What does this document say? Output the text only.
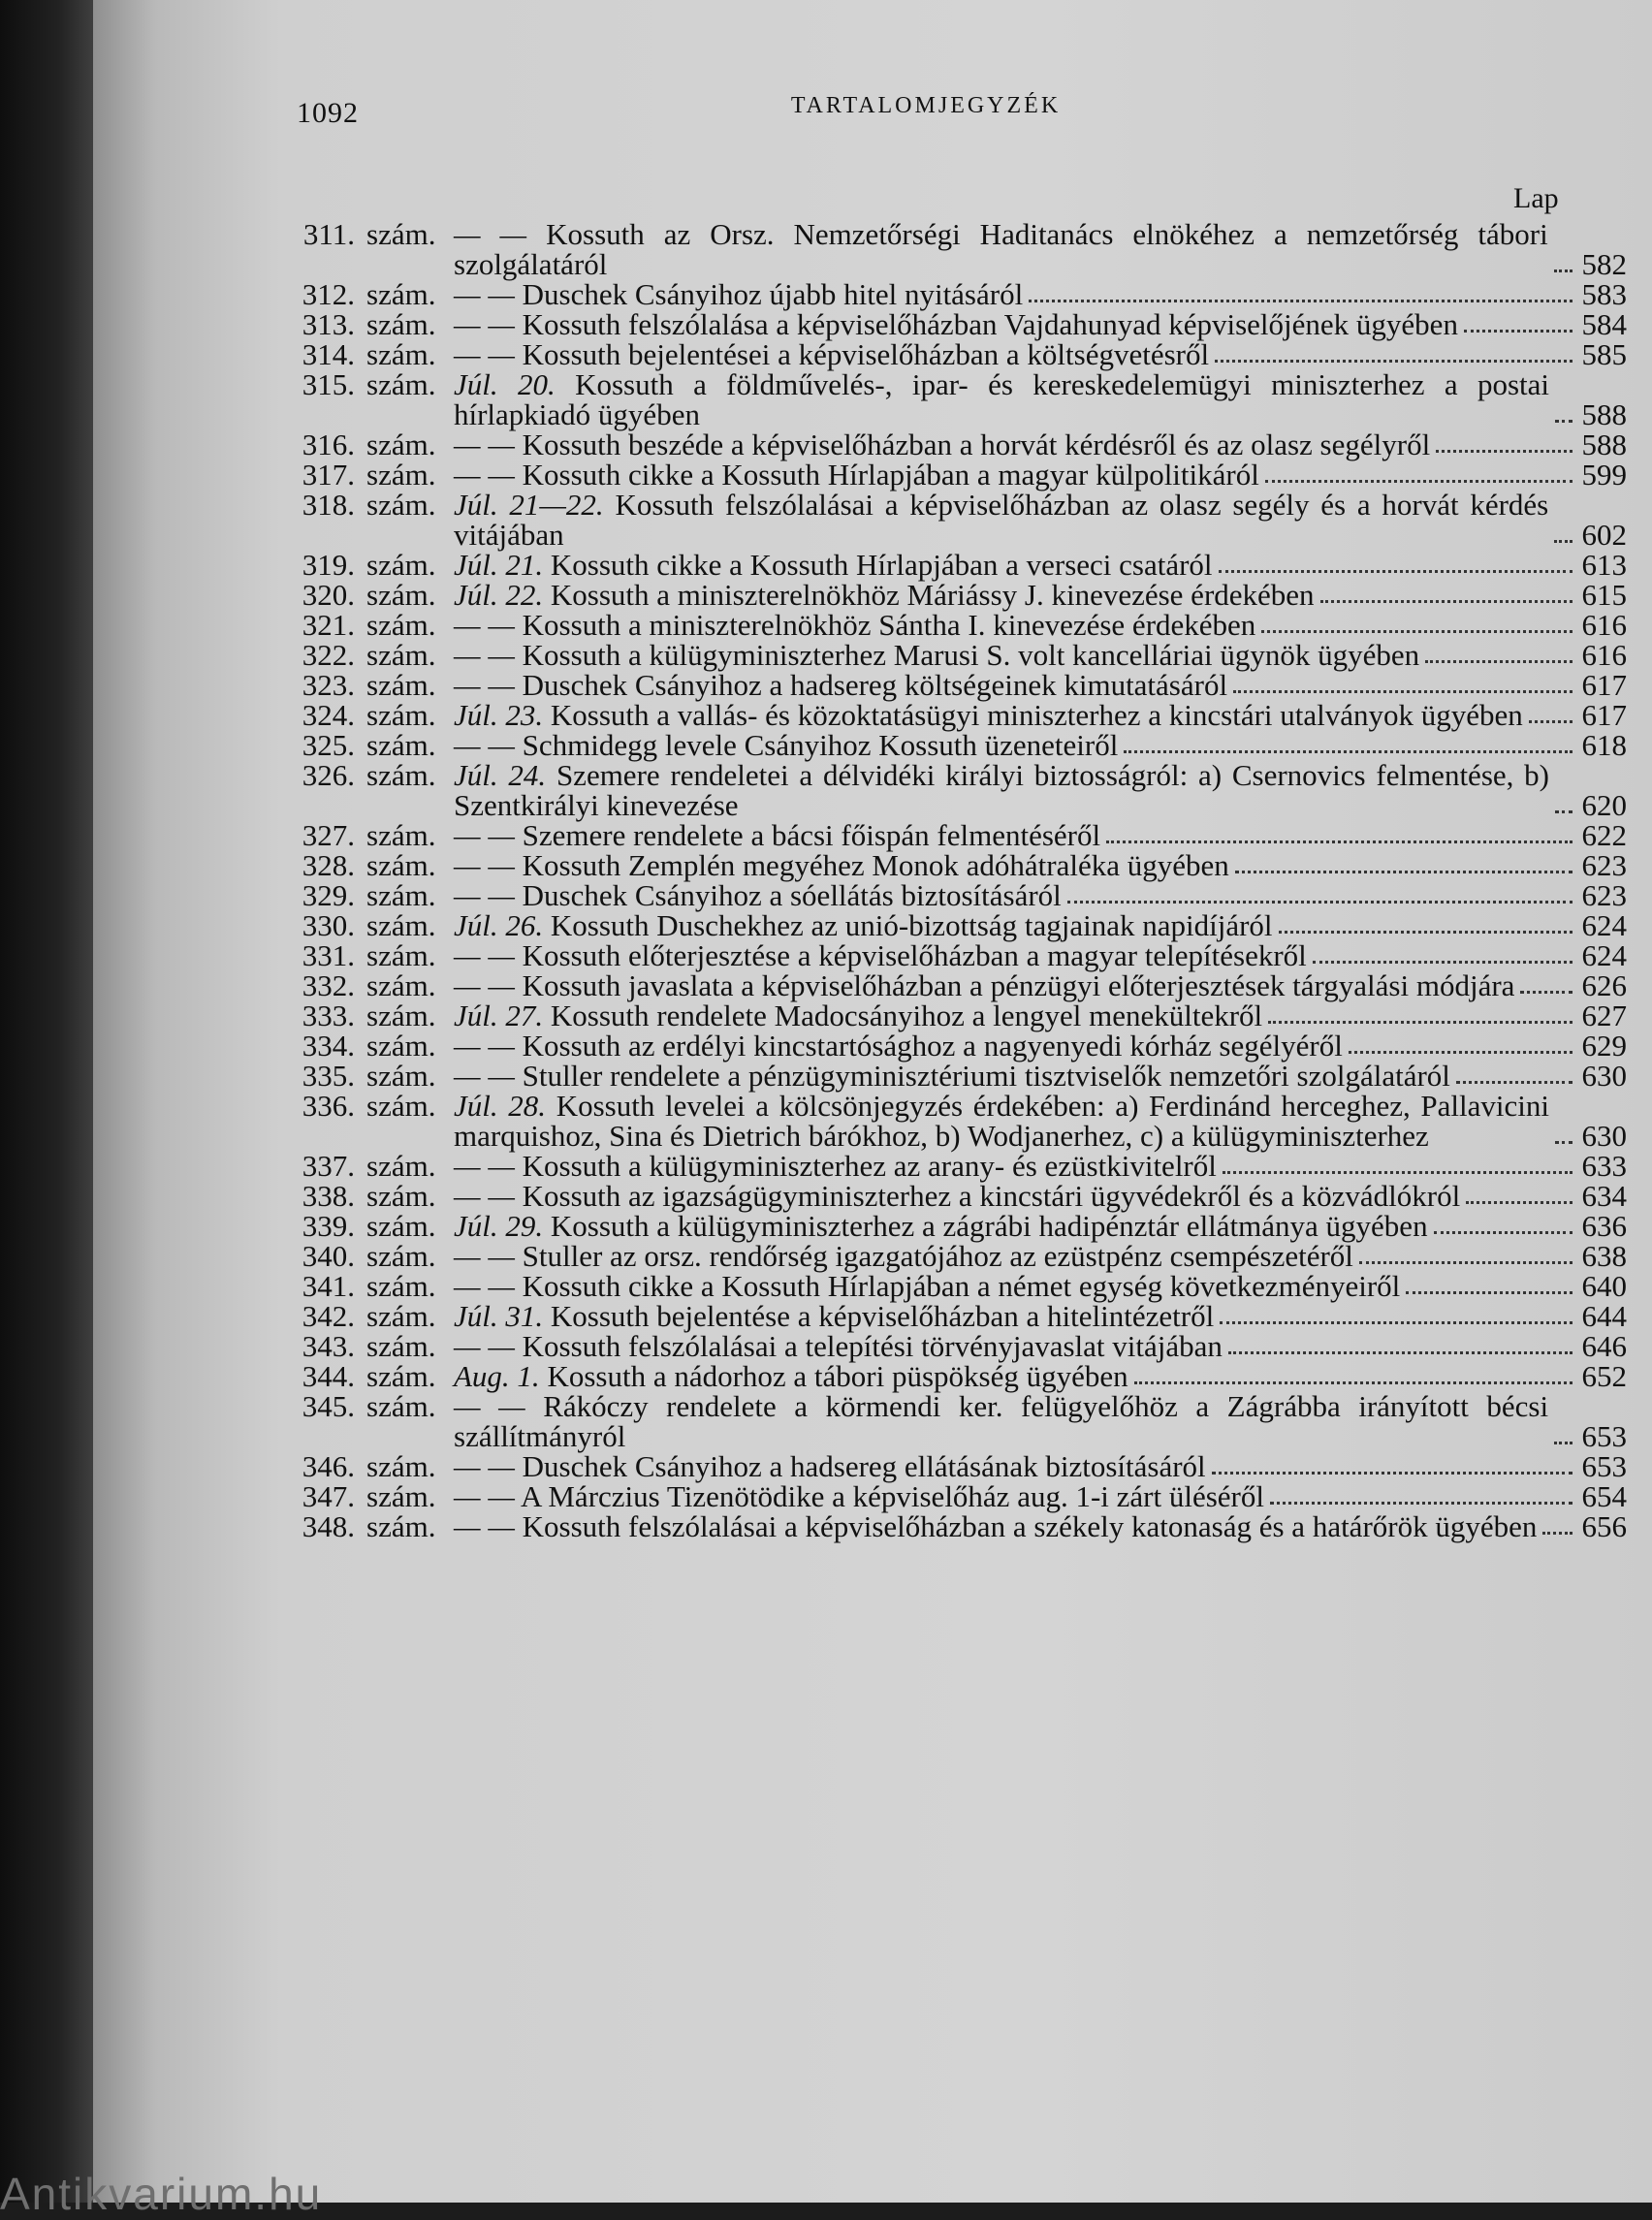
1092	TARTALOMJEGYZÉK
Lap
311. szám. — — Kossuth az Orsz. Nemzetőrségi Haditanács elnökéhez a nemzetőrség tábori szolgálatáról	582
312. szám. — — Duschek Csányihoz újabb hitel nyitásáról	583
313. szám. — — Kossuth felszólalása a képviselőházban Vajdahunyad képviselőjének ügyében	584
314. szám. — — Kossuth bejelentései a képviselőházban a költségvetésről	585
315. szám. Júl. 20. Kossuth a földművelés-, ipar- és kereskedelemügyi miniszterhez a postai hírlapkiadó ügyében	588
316. szám. — — Kossuth beszéde a képviselőházban a horvát kérdésről és az olasz segélyről	588
317. szám. — — Kossuth cikke a Kossuth Hírlapjában a magyar külpolitikáról	599
318. szám. Júl. 21—22. Kossuth felszólalásai a képviselőházban az olasz segély és a horvát kérdés vitájában	602
319. szám. Júl. 21. Kossuth cikke a Kossuth Hírlapjában a verseci csatáról	613
320. szám. Júl. 22. Kossuth a miniszterelnökhöz Máriássy J. kinevezése érdekében	615
321. szám. — — Kossuth a miniszterelnökhöz Sántha I. kinevezése érdekében	616
322. szám. — — Kossuth a külügyminiszterhez Marusi S. volt kancelláriai ügynök ügyében	616
323. szám. — — Duschek Csányihoz a hadsereg költségeinek kimutatásáról	617
324. szám. Júl. 23. Kossuth a vallás- és közoktatásügyi miniszterhez a kincstári utalványok ügyében 617
325. szám. — — Schmidegg levele Csányihoz Kossuth üzeneteiről	618
326. szám. Júl. 24. Szemere rendeletei a délvidéki királyi biztosságról: a) Csernovics felmentése, b) Szentkirályi kinevezése	620
327. szám. — — Szemere rendelete a bácsi főispán felmentéséről	622
328. szám. — — Kossuth Zemplén megyéhez Monok adóhátraléka ügyében	623
329. szám. — — Duschek Csányihoz a sóellátás biztosításáról	623
330. szám. Júl. 26. Kossuth Duschekhez az unió-bizottság tagjainak napidíjáról	624
331. szám. — — Kossuth előterjesztése a képviselőházban a magyar telepítésekről	624
332. szám. — — Kossuth javaslata a képviselőházban a pénzügyi előterjesztések tárgyalási módjára 626
333. szám. Júl. 27. Kossuth rendelete Madocsányihoz a lengyel menekültekről	627
334. szám. — — Kossuth az erdélyi kincstartósághoz a nagyenyedi kórház segélyéről	629
335. szám. — — Stuller rendelete a pénzügyminisztériumi tisztviselők nemzetőri szolgálatáról	630
336. szám. Júl. 28. Kossuth levelei a kölcsönjegyzés érdekében: a) Ferdinánd herceghez, Pallavicini marquishoz, Sina és Dietrich bárókhoz, b) Wodjanerhez, c) a külügyminiszterhez	630
337. szám. — — Kossuth a külügyminiszterhez az arany- és ezüstkivitelről	633
338. szám. — — Kossuth az igazságügyminiszterhez a kincstári ügyvédekről és a közvádlókról	634
339. szám. Júl. 29. Kossuth a külügyminiszterhez a zágrábi hadipénztár ellátmánya ügyében	636
340. szám. — — Stuller az orsz. rendőrség igazgatójához az ezüstpénz csempészetéről	638
341. szám. — — Kossuth cikke a Kossuth Hírlapjában a német egység következményeiről	640
342. szám. Júl. 31. Kossuth bejelentése a képviselőházban a hitelintézetről	644
343. szám. — — Kossuth felszólalásai a telepítési törvényjavaslat vitájában	646
344. szám. Aug. 1. Kossuth a nádorhoz a tábori püspökség ügyében	652
345. szám. — — Rákóczy rendelete a körmendi ker. felügyelőhöz a Zágrábba irányított bécsi szállítmányról	653
346. szám. — — Duschek Csányihoz a hadsereg ellátásának biztosításáról	653
347. szám. — — A Márczius Tizenötödike a képviselőház aug. 1-i zárt üléséről	654
348. szám. — — Kossuth felszólalásai a képviselőházban a székely katonaság és a határőrök ügyében 656
Antikvarium.hu
